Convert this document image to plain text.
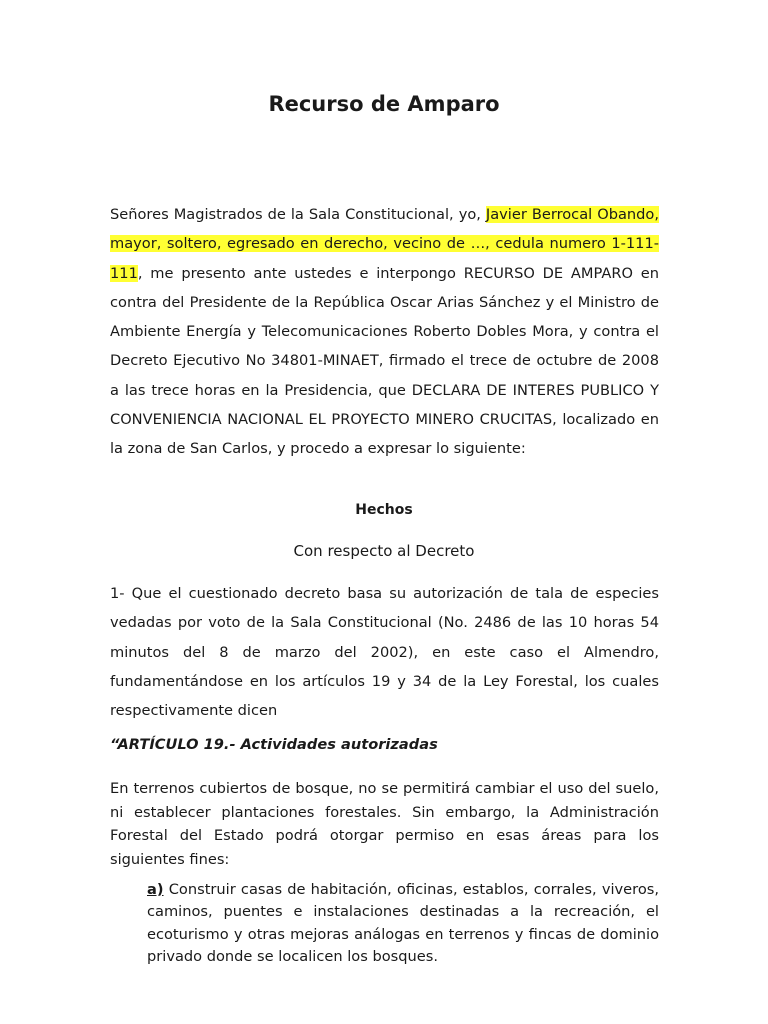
Recurso de Amparo
Señores Magistrados de la Sala Constitucional, yo, Javier Berrocal Obando, mayor, soltero, egresado en derecho, vecino de …, cedula numero 1-111-111, me presento ante ustedes e interpongo RECURSO DE AMPARO en contra del Presidente de la República Oscar Arias Sánchez y el Ministro de Ambiente Energía y Telecomunicaciones Roberto Dobles Mora, y contra el Decreto Ejecutivo No 34801-MINAET, firmado el trece de octubre de 2008 a las trece horas en la Presidencia, que DECLARA DE INTERES PUBLICO Y CONVENIENCIA NACIONAL EL PROYECTO MINERO CRUCITAS, localizado en la zona de San Carlos, y procedo a expresar lo siguiente:
Hechos
Con respecto al Decreto
1- Que el cuestionado decreto basa su autorización de tala de especies vedadas por voto de la Sala Constitucional (No. 2486 de las 10 horas 54 minutos del 8 de marzo del 2002), en este caso el Almendro, fundamentándose en los artículos 19 y 34 de la Ley Forestal, los cuales respectivamente dicen
“ARTÍCULO 19.- Actividades autorizadas
En terrenos cubiertos de bosque, no se permitirá cambiar el uso del suelo, ni establecer plantaciones forestales. Sin embargo, la Administración Forestal del Estado podrá otorgar permiso en esas áreas para los siguientes fines:
a) Construir casas de habitación, oficinas, establos, corrales, viveros, caminos, puentes e instalaciones destinadas a la recreación, el ecoturismo y otras mejoras análogas en terrenos y fincas de dominio privado donde se localicen los bosques.
